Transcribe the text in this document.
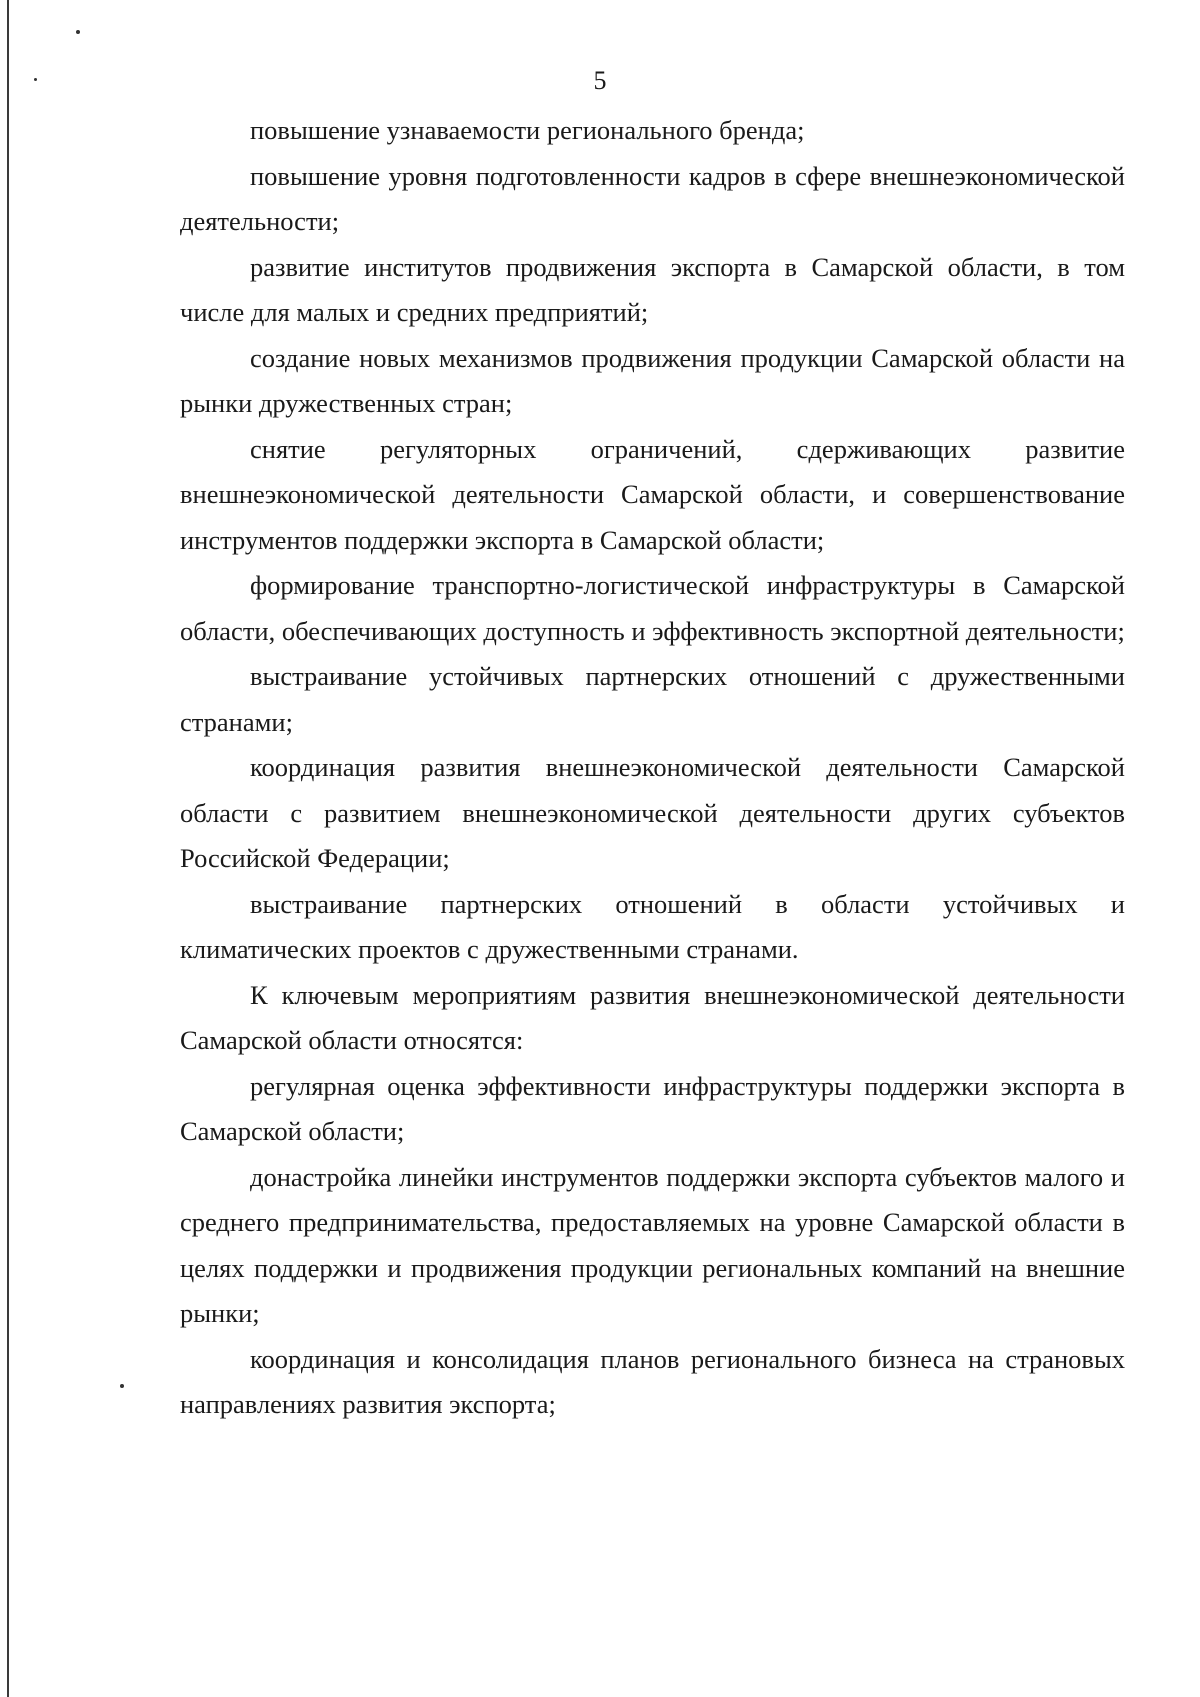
5

повышение узнаваемости регионального бренда;

повышение уровня подготовленности кадров в сфере внешнеэкономической деятельности;

развитие институтов продвижения экспорта в Самарской области, в том числе для малых и средних предприятий;

создание новых механизмов продвижения продукции Самарской области на рынки дружественных стран;

снятие регуляторных ограничений, сдерживающих развитие внешнеэкономической деятельности Самарской области, и совершенствование инструментов поддержки экспорта в Самарской области;

формирование транспортно-логистической инфраструктуры в Самарской области, обеспечивающих доступность и эффективность экспортной деятельности;

выстраивание устойчивых партнерских отношений с дружественными странами;

координация развития внешнеэкономической деятельности Самарской области с развитием внешнеэкономической деятельности других субъектов Российской Федерации;

выстраивание партнерских отношений в области устойчивых и климатических проектов с дружественными странами.

К ключевым мероприятиям развития внешнеэкономической деятельности Самарской области относятся:

регулярная оценка эффективности инфраструктуры поддержки экспорта в Самарской области;

донастройка линейки инструментов поддержки экспорта субъектов малого и среднего предпринимательства, предоставляемых на уровне Самарской области в целях поддержки и продвижения продукции региональных компаний на внешние рынки;

координация и консолидация планов регионального бизнеса на страновых направлениях развития экспорта;
